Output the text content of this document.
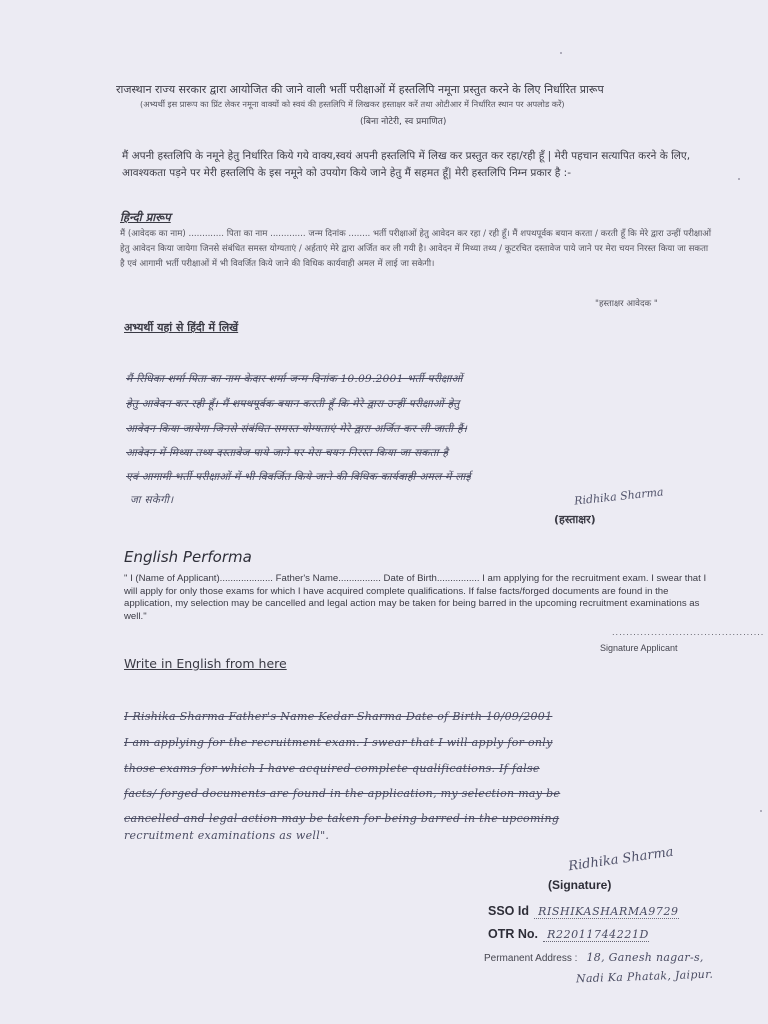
राजस्थान राज्य सरकार द्वारा आयोजित की जाने वाली भर्ती परीक्षाओं में हस्तलिपि नमूना प्रस्तुत करने के लिए निर्धारित प्रारूप
(अभ्यर्थी इस प्रारूप का प्रिंट लेकर नमूना वाक्यों को स्वयं की हस्तलिपि में लिखकर हस्ताक्षर करें तथा ओटीआर में निर्धारित स्थान पर अपलोड करें)
(बिना नोटेरी, स्व प्रमाणित)
मैं अपनी हस्तलिपि के नमूने हेतु निर्धारित किये गये वाक्य,स्वयं अपनी हस्तलिपि में लिख कर प्रस्तुत कर रहा/रही हूँ | मेरी पहचान सत्यापित करने के लिए, आवश्यकता पड़ने पर मेरी हस्तलिपि के इस नमूने को उपयोग किये जाने हेतु मैं सहमत हूँ| मेरी हस्तलिपि निम्न प्रकार है :-
हिन्दी प्रारूप
मैं (आवेदक का नाम) ............. पिता का नाम ............. जन्म दिनांक ........ भर्ती परीक्षाओं हेतु आवेदन कर रहा / रही हूँ। मैं शपथपूर्वक बयान करता / करती हूँ कि मेरे द्वारा उन्हीं परीक्षाओं हेतु आवेदन किया जायेगा जिनसे संबंधित समस्त योग्यताएं / अर्हताएं मेरे द्वारा अर्जित कर ली गयी है। आवेदन में मिथ्या तथ्य / कूटरचित दस्तावेज पाये जाने पर मेरा चयन निरस्त किया जा सकता है एवं आगामी भर्ती परीक्षाओं में भी विवर्जित किये जाने की विधिक कार्यवाही अमल में लाई जा सकेगी।
"हस्ताक्षर आवेदक "
अभ्यर्थी यहां से हिंदी में लिखें
मैं रिधिका शर्मा पिता का नाम केदार शर्मा जन्म दिनांक 10.09.2001 भर्ती परीक्षाओं
हेतु आवेदन कर रही हूँ। मैं शपथपूर्वक बयान करती हूँ कि मेरे द्वारा उन्हीं परीक्षाओं हेतु
आवेदन किया जायेगा जिनसे संबंधित समस्त योग्यताएं मेरे द्वारा अर्जित कर ली जाती हैं।
आवेदन में मिथ्या तथ्य दस्तावेज पाये जाने पर मेरा चयन निरस्त किया जा सकता है
एवं आगामी भर्ती परीक्षाओं में भी विवर्जित किये जाने की विधिक कार्यवाही अमल में लाई
जा सकेगी।	Ridhika Sharma
(हस्ताक्षर)
English Performa
" I (Name of Applicant).................... Father's Name................ Date of Birth................ I am applying for the recruitment exam. I swear that I will apply for only those exams for which I have acquired complete qualifications. If false facts/forged documents are found in the application, my selection may be cancelled and legal action may be taken for being barred in the upcoming recruitment examinations as well."
...........................................
Signature Applicant
Write in English from here
I Rishika Sharma Father's Name Kedar Sharma Date of Birth 10/09/2001
I am applying for the recruitment exam. I swear that I will apply for only
those exams for which I have acquired complete qualifications. If false
facts/ forged documents are found in the application, my selection may be
cancelled and legal action may be taken for being barred in the upcoming
recruitment examinations as well".
Ridhika Sharma
(Signature)
SSO Id RISHIKASHARMA9729
OTR No. R22011744221D
Permanent Address : 18, Ganesh nagar-s,
Nadi Ka Phatak, Jaipur.
